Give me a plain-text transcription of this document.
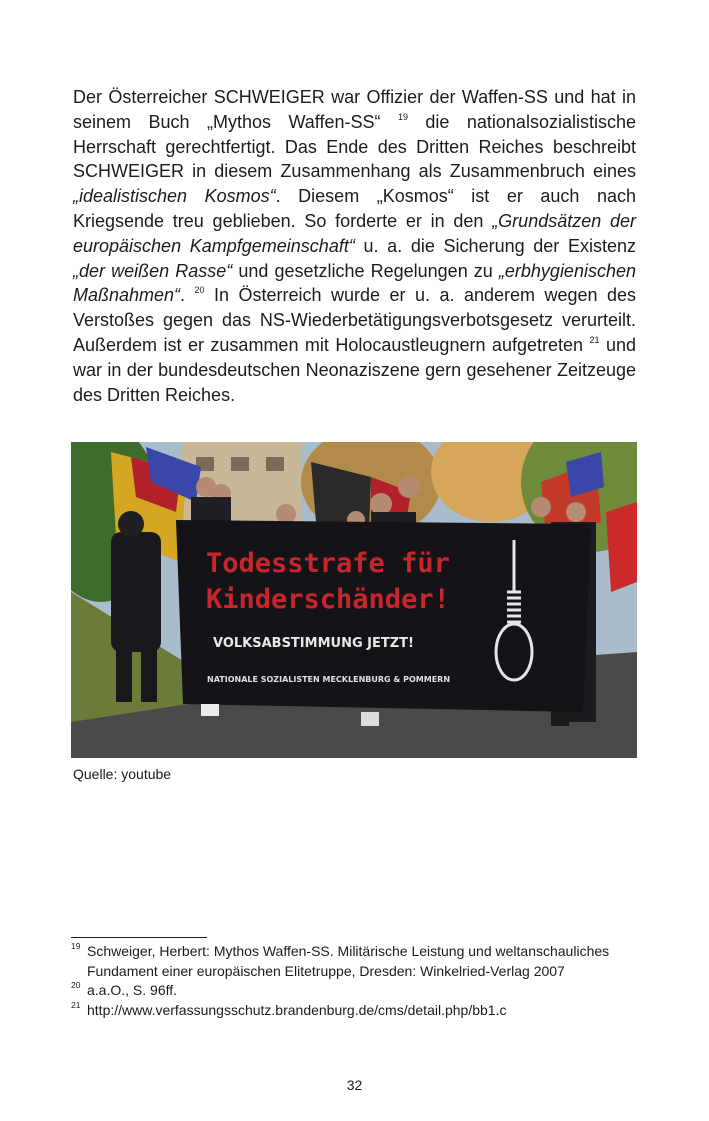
Der Österreicher SCHWEIGER war Offizier der Waffen-SS und hat in seinem Buch „Mythos Waffen-SS“ $^{19}$ die nationalsozialistische Herrschaft gerechtfertigt. Das Ende des Dritten Reiches beschreibt SCHWEIGER in diesem Zusammenhang als Zusammenbruch eines „idealistischen Kosmos“. Diesem „Kosmos“ ist er auch nach Kriegsende treu geblieben. So forderte er in den „Grundsätzen der europäischen Kampfgemeinschaft“ u. a. die Sicherung der Existenz „der weißen Rasse“ und gesetzliche Regelungen zu „erbhygienischen Maßnahmen“. $^{20}$ In Österreich wurde er u. a. anderem wegen des Verstoßes gegen das NS-Wiederbetätigungsverbotsgesetz verurteilt. Außerdem ist er zusammen mit Holocaustleugnern aufgetreten $^{21}$ und war in der bundesdeutschen Neonaziszene gern gesehener Zeitzeuge des Dritten Reiches.

Todesstrafe für
Kinderschänder!
VOLKSABSTIMMUNG JETZT!
NATIONALE SOZIALISTEN MECKLENBURG & POMMERN
Quelle: youtube

19 Schweiger, Herbert: Mythos Waffen-SS. Militärische Leistung und weltanschauliches Fundament einer europäischen Elitetruppe, Dresden: Winkelried-Verlag 2007

20 a.a.O., S. 96ff.

21 http://www.verfassungsschutz.brandenburg.de/cms/detail.php/bb1.c

32
